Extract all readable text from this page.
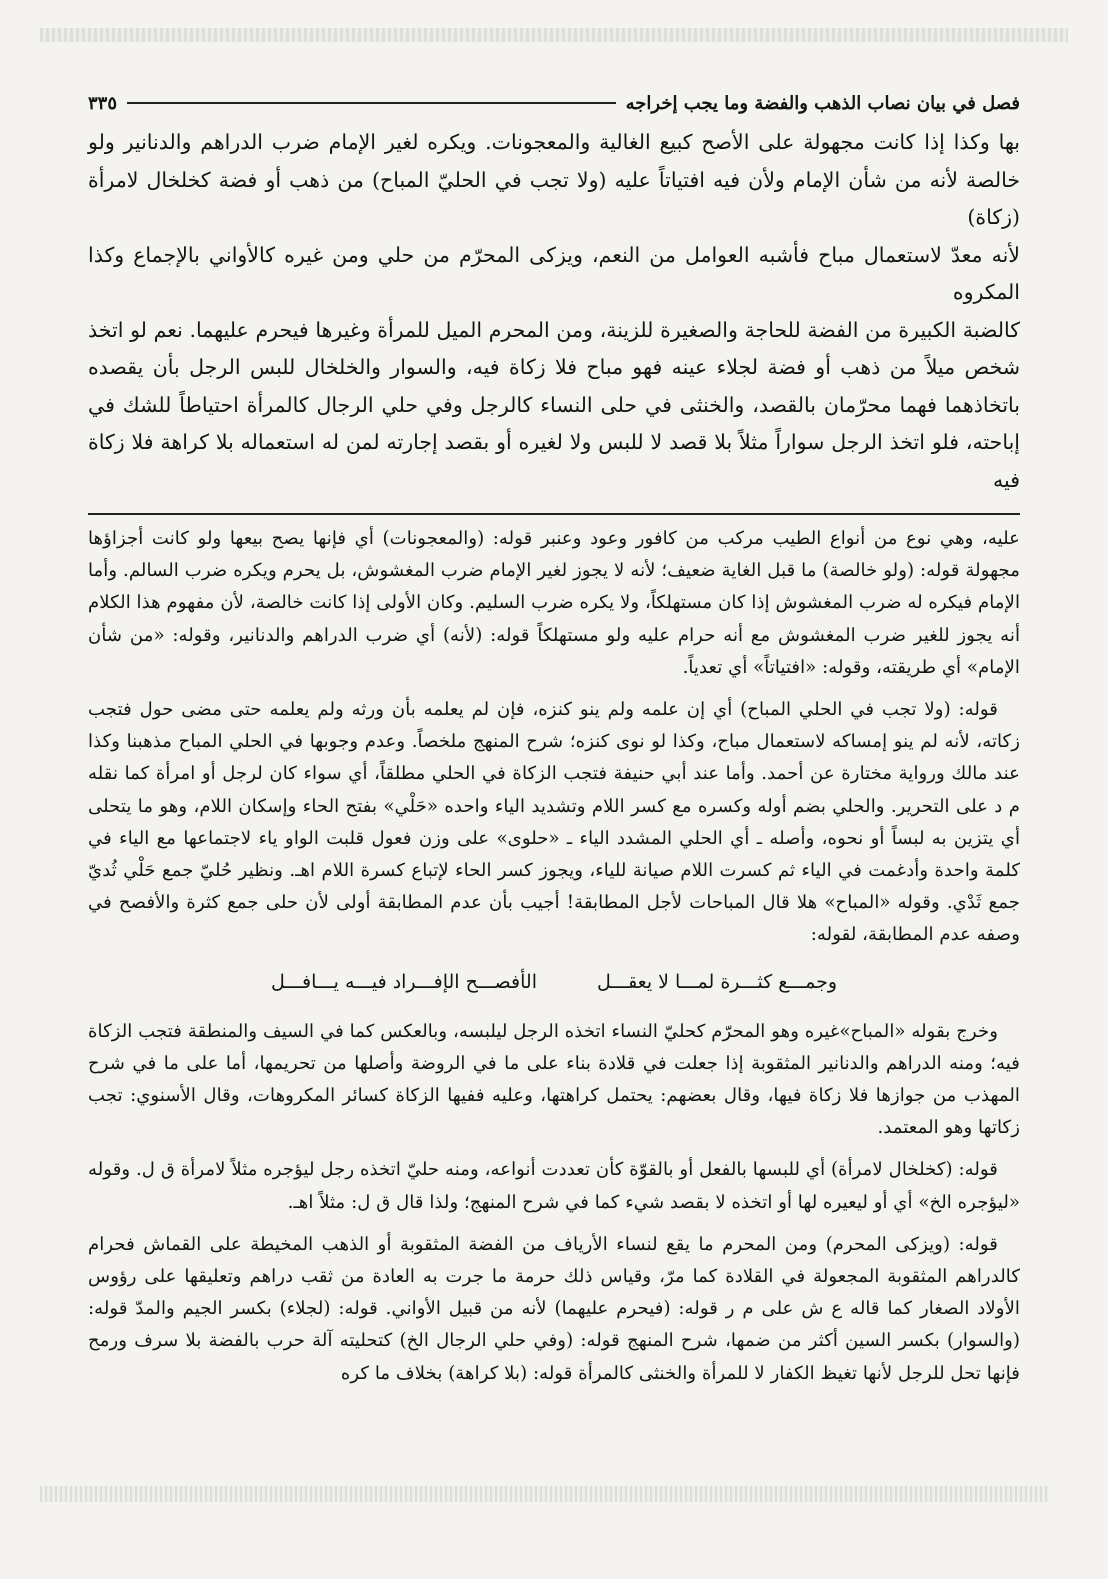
فصل في بيان نصاب الذهب والفضة وما يجب إخراجه
٣٣٥

بها وكذا إذا كانت مجهولة على الأصح كبيع الغالية والمعجونات. ويكره لغير الإمام ضرب الدراهم والدنانير ولو

خالصة لأنه من شأن الإمام ولأن فيه افتياتاً عليه (ولا تجب في الحليّ المباح) من ذهب أو فضة كخلخال لامرأة (زكاة)

لأنه معدّ لاستعمال مباح فأشبه العوامل من النعم، ويزكى المحرّم من حلي ومن غيره كالأواني بالإجماع وكذا المكروه

كالضبة الكبيرة من الفضة للحاجة والصغيرة للزينة، ومن المحرم الميل للمرأة وغيرها فيحرم عليهما. نعم لو اتخذ

شخص ميلاً من ذهب أو فضة لجلاء عينه فهو مباح فلا زكاة فيه، والسوار والخلخال للبس الرجل بأن يقصده

باتخاذهما فهما محرّمان بالقصد، والخنثى في حلى النساء كالرجل وفي حلي الرجال كالمرأة احتياطاً للشك في

إباحته، فلو اتخذ الرجل سواراً مثلاً بلا قصد لا للبس ولا لغيره أو بقصد إجارته لمن له استعماله بلا كراهة فلا زكاة فيه

عليه، وهي نوع من أنواع الطيب مركب من كافور وعود وعنبر قوله: (والمعجونات) أي فإنها يصح بيعها ولو كانت أجزاؤها مجهولة قوله: (ولو خالصة) ما قبل الغاية ضعيف؛ لأنه لا يجوز لغير الإمام ضرب المغشوش، بل يحرم ويكره ضرب السالم. وأما الإمام فيكره له ضرب المغشوش إذا كان مستهلكاً، ولا يكره ضرب السليم. وكان الأولى إذا كانت خالصة، لأن مفهوم هذا الكلام أنه يجوز للغير ضرب المغشوش مع أنه حرام عليه ولو مستهلكاً قوله: (لأنه) أي ضرب الدراهم والدنانير، وقوله: «من شأن الإمام» أي طريقته، وقوله: «افتياتاً» أي تعدياً.

قوله: (ولا تجب في الحلي المباح) أي إن علمه ولم ينو كنزه، فإن لم يعلمه بأن ورثه ولم يعلمه حتى مضى حول فتجب زكاته، لأنه لم ينو إمساكه لاستعمال مباح، وكذا لو نوى كنزه؛ شرح المنهج ملخصاً. وعدم وجوبها في الحلي المباح مذهبنا وكذا عند مالك ورواية مختارة عن أحمد. وأما عند أبي حنيفة فتجب الزكاة في الحلي مطلقاً، أي سواء كان لرجل أو امرأة كما نقله م د على التحرير. والحلي بضم أوله وكسره مع كسر اللام وتشديد الياء واحده «حَلْي» بفتح الحاء وإسكان اللام، وهو ما يتحلى أي يتزين به لبساً أو نحوه، وأصله ـ أي الحلي المشدد الياء ـ «حلوى» على وزن فعول قلبت الواو ياء لاجتماعها مع الياء في كلمة واحدة وأدغمت في الياء ثم كسرت اللام صيانة للياء، ويجوز كسر الحاء لإتباع كسرة اللام اهـ. ونظير حُليّ جمع حَلْي ثُديّ جمع ثَدْي. وقوله «المباح» هلا قال المباحات لأجل المطابقة! أجيب بأن عدم المطابقة أولى لأن حلى جمع كثرة والأفصح في وصفه عدم المطابقة، لقوله:

وجمـــع كثـــرة لمـــا لا يعقـــل
الأفصـــح الإفـــراد فيـــه يـــافـــل

وخرج بقوله «المباح»غيره وهو المحرّم كحليّ النساء اتخذه الرجل ليلبسه، وبالعكس كما في السيف والمنطقة فتجب الزكاة فيه؛ ومنه الدراهم والدنانير المثقوبة إذا جعلت في قلادة بناء على ما في الروضة وأصلها من تحريمها، أما على ما في شرح المهذب من جوازها فلا زكاة فيها، وقال بعضهم: يحتمل كراهتها، وعليه ففيها الزكاة كسائر المكروهات، وقال الأسنوي: تجب زكاتها وهو المعتمد.

قوله: (كخلخال لامرأة) أي للبسها بالفعل أو بالقوّة كأن تعددت أنواعه، ومنه حليّ اتخذه رجل ليؤجره مثلاً لامرأة ق ل. وقوله «ليؤجره الخ» أي أو ليعيره لها أو اتخذه لا بقصد شيء كما في شرح المنهج؛ ولذا قال ق ل: مثلاً اهـ.

قوله: (ويزكى المحرم) ومن المحرم ما يقع لنساء الأرياف من الفضة المثقوبة أو الذهب المخيطة على القماش فحرام كالدراهم المثقوبة المجعولة في القلادة كما مرّ، وقياس ذلك حرمة ما جرت به العادة من ثقب دراهم وتعليقها على رؤوس الأولاد الصغار كما قاله ع ش على م ر قوله: (فيحرم عليهما) لأنه من قبيل الأواني. قوله: (لجلاء) بكسر الجيم والمدّ قوله: (والسوار) بكسر السين أكثر من ضمها، شرح المنهج قوله: (وفي حلي الرجال الخ) كتحليته آلة حرب بالفضة بلا سرف ورمح فإنها تحل للرجل لأنها تغيظ الكفار لا للمرأة والخنثى كالمرأة قوله: (بلا كراهة) بخلاف ما كره
